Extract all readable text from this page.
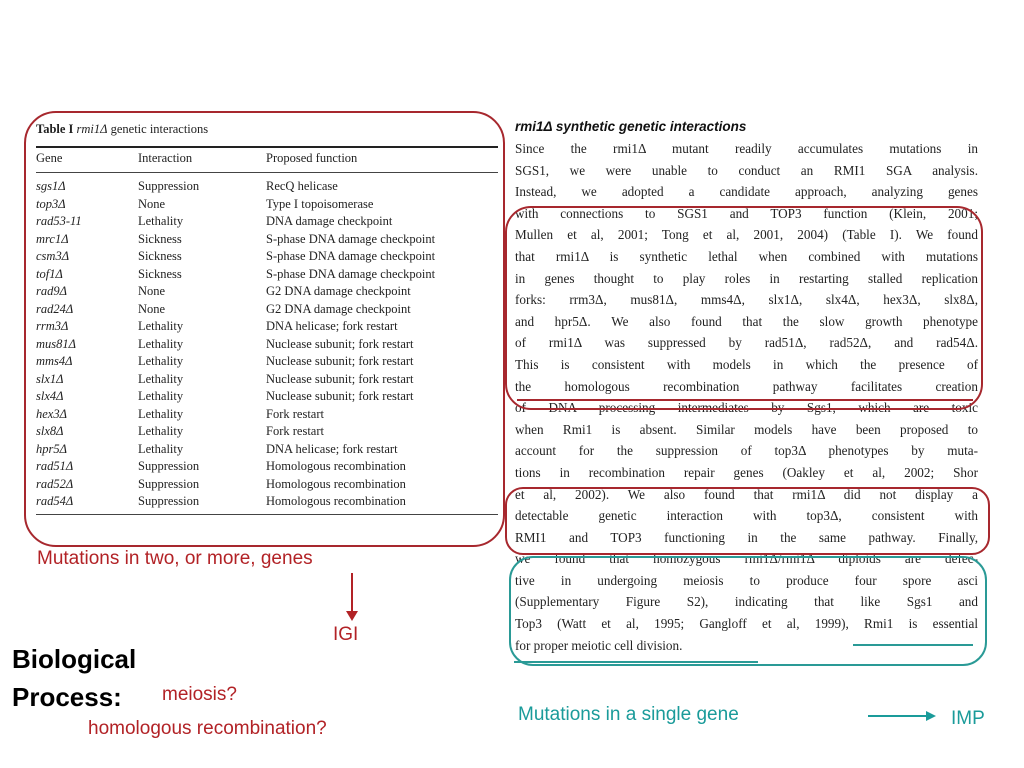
Table I rmi1Δ genetic interactions
Gene	Interaction	Proposed function
sgs1Δ	Suppression	RecQ helicase
top3Δ	None	Type I topoisomerase
rad53-11	Lethality	DNA damage checkpoint
mrc1Δ	Sickness	S-phase DNA damage checkpoint
csm3Δ	Sickness	S-phase DNA damage checkpoint
tof1Δ	Sickness	S-phase DNA damage checkpoint
rad9Δ	None	G2 DNA damage checkpoint
rad24Δ	None	G2 DNA damage checkpoint
rrm3Δ	Lethality	DNA helicase; fork restart
mus81Δ	Lethality	Nuclease subunit; fork restart
mms4Δ	Lethality	Nuclease subunit; fork restart
slx1Δ	Lethality	Nuclease subunit; fork restart
slx4Δ	Lethality	Nuclease subunit; fork restart
hex3Δ	Lethality	Fork restart
slx8Δ	Lethality	Fork restart
hpr5Δ	Lethality	DNA helicase; fork restart
rad51Δ	Suppression	Homologous recombination
rad52Δ	Suppression	Homologous recombination
rad54Δ	Suppression	Homologous recombination
rmi1Δ synthetic genetic interactions
Since the rmi1Δ mutant readily accumulates mutations in
SGS1, we were unable to conduct an RMI1 SGA analysis.
Instead, we adopted a candidate approach, analyzing genes
with connections to SGS1 and TOP3 function (Klein, 2001;
Mullen et al, 2001; Tong et al, 2001, 2004) (Table I). We found
that rmi1Δ is synthetic lethal when combined with mutations
in genes thought to play roles in restarting stalled replication
forks: rrm3Δ, mus81Δ, mms4Δ, slx1Δ, slx4Δ, hex3Δ, slx8Δ,
and hpr5Δ. We also found that the slow growth phenotype
of rmi1Δ was suppressed by rad51Δ, rad52Δ, and rad54Δ.
This is consistent with models in which the presence of
the homologous recombination pathway facilitates creation
of DNA processing intermediates by Sgs1, which are toxic
when Rmi1 is absent. Similar models have been proposed to
account for the suppression of top3Δ phenotypes by muta-
tions in recombination repair genes (Oakley et al, 2002; Shor
et al, 2002). We also found that rmi1Δ did not display a
detectable genetic interaction with top3Δ, consistent with
RMI1 and TOP3 functioning in the same pathway. Finally,
we found that homozygous rmi1Δ/rmi1Δ diploids are defec-
tive in undergoing meiosis to produce four spore asci
(Supplementary Figure S2), indicating that like Sgs1 and
Top3 (Watt et al, 1995; Gangloff et al, 1999), Rmi1 is essential
for proper meiotic cell division.
Mutations in two, or more, genes
IGI
Biological
Process:	meiosis?
homologous recombination?
Mutations in a single gene	IMP
